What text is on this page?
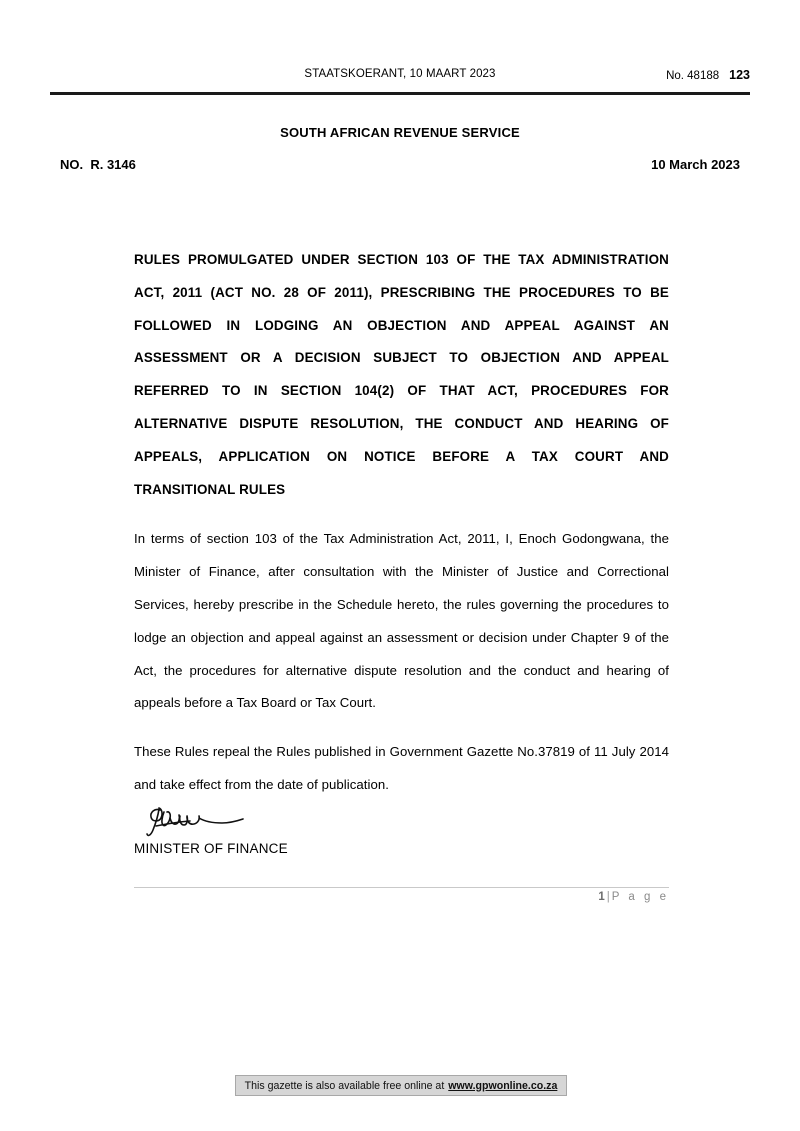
STAATSKOERANT, 10 MAART 2023	No. 48188 123
SOUTH AFRICAN REVENUE SERVICE
NO.  R. 3146	10 March 2023

RULES PROMULGATED UNDER SECTION 103 OF THE TAX ADMINISTRATION ACT, 2011 (ACT NO. 28 OF 2011), PRESCRIBING THE PROCEDURES TO BE FOLLOWED IN LODGING AN OBJECTION AND APPEAL AGAINST AN ASSESSMENT OR A DECISION SUBJECT TO OBJECTION AND APPEAL REFERRED TO IN SECTION 104(2) OF THAT ACT, PROCEDURES FOR ALTERNATIVE DISPUTE RESOLUTION, THE CONDUCT AND HEARING OF APPEALS, APPLICATION ON NOTICE BEFORE A TAX COURT AND TRANSITIONAL RULES

In terms of section 103 of the Tax Administration Act, 2011, I, Enoch Godongwana, the Minister of Finance, after consultation with the Minister of Justice and Correctional Services, hereby prescribe in the Schedule hereto, the rules governing the procedures to lodge an objection and appeal against an assessment or decision under Chapter 9 of the Act, the procedures for alternative dispute resolution and the conduct and hearing of appeals before a Tax Board or Tax Court.

These Rules repeal the Rules published in Government Gazette No.37819 of 11 July 2014 and take effect from the date of publication.

MINISTER OF FINANCE
1 | P a g e
This gazette is also available free online at www.gpwonline.co.za
